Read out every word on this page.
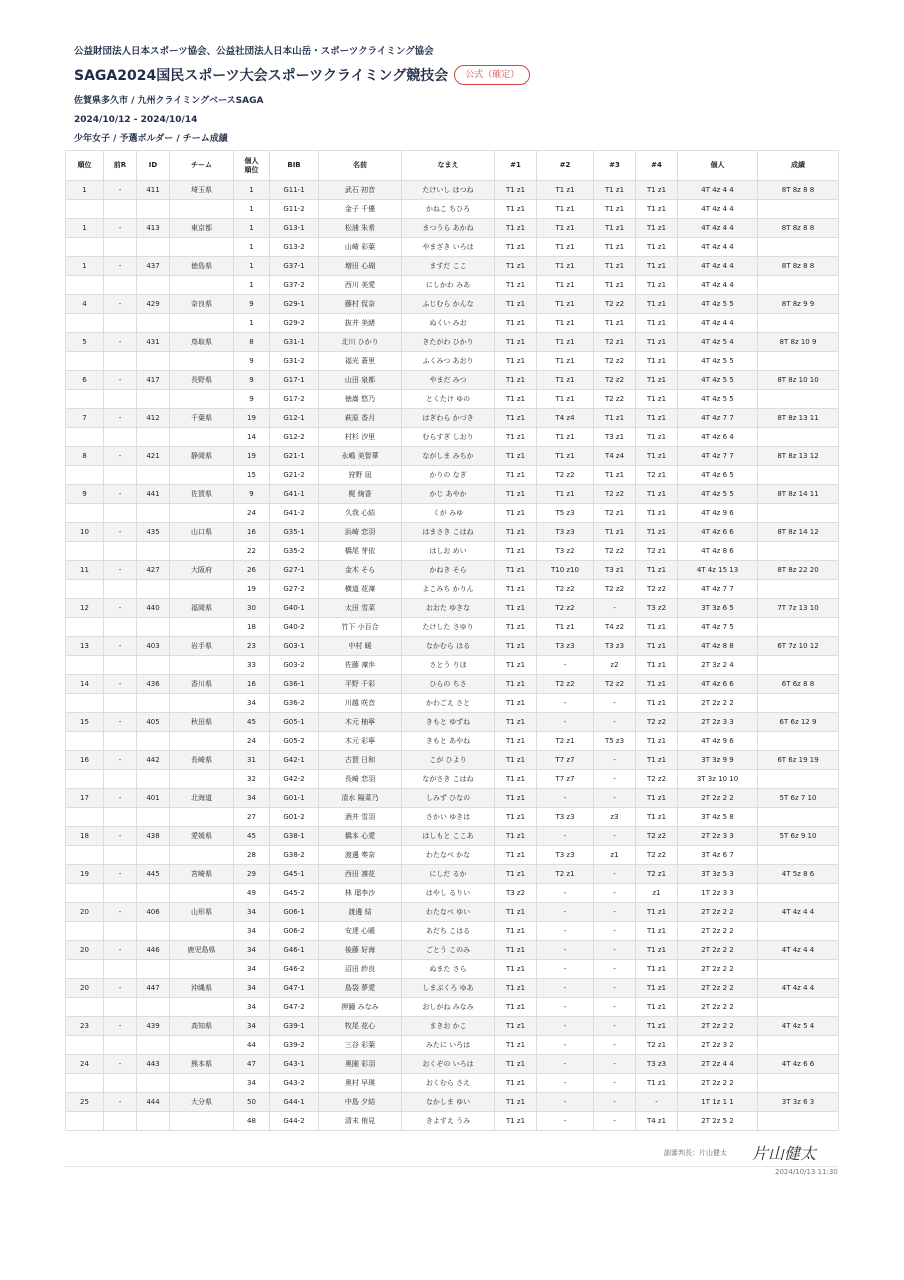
公益財団法人日本スポーツ協会、公益社団法人日本山岳・スポーツクライミング協会
SAGA2024国民スポーツ大会スポーツクライミング競技会	公式（確定）
佐賀県多久市 / 九州クライミングベースSAGA
2024/10/12 - 2024/10/14
少年女子 / 予選ボルダー / チーム成績
順位	前R	ID	チーム	個人
順位	BIB	名前	なまえ	#1	#2	#3	#4	個人	成績
1	-	411	埼玉県	1	G11-1	武石 初音	たけいし はつね	T1 z1	T1 z1	T1 z1	T1 z1	4T 4z 4 4	8T 8z 8 8
				1	G11-2	金子 千優	かねこ ちひろ	T1 z1	T1 z1	T1 z1	T1 z1	4T 4z 4 4	
1	-	413	東京都	1	G13-1	松浦 朱希	まつうら あかね	T1 z1	T1 z1	T1 z1	T1 z1	4T 4z 4 4	8T 8z 8 8
				1	G13-2	山崎 彩葉	やまざき いろは	T1 z1	T1 z1	T1 z1	T1 z1	4T 4z 4 4	
1	-	437	徳島県	1	G37-1	増田 心瑚	ますだ ここ	T1 z1	T1 z1	T1 z1	T1 z1	4T 4z 4 4	8T 8z 8 8
				1	G37-2	西川 美愛	にしかわ みあ	T1 z1	T1 z1	T1 z1	T1 z1	4T 4z 4 4	
4	-	429	奈良県	9	G29-1	藤村 侃奈	ふじむら かんな	T1 z1	T1 z1	T2 z2	T1 z1	4T 4z 5 5	8T 8z 9 9
				1	G29-2	抜井 美緒	ぬくい みお	T1 z1	T1 z1	T1 z1	T1 z1	4T 4z 4 4	
5	-	431	鳥取県	8	G31-1	北川 ひかり	きたがわ ひかり	T1 z1	T1 z1	T2 z1	T1 z1	4T 4z 5 4	8T 8z 10 9
				9	G31-2	福光 蒼里	ふくみつ あおり	T1 z1	T1 z1	T2 z2	T1 z1	4T 4z 5 5	
6	-	417	長野県	9	G17-1	山田 泉都	やまだ みつ	T1 z1	T1 z1	T2 z2	T1 z1	4T 4z 5 5	8T 8z 10 10
				9	G17-2	徳嵩 悠乃	とくたけ ゆの	T1 z1	T1 z1	T2 z2	T1 z1	4T 4z 5 5	
7	-	412	千葉県	19	G12-1	萩原 香月	はぎわら かづき	T1 z1	T4 z4	T1 z1	T1 z1	4T 4z 7 7	8T 8z 13 11
				14	G12-2	村杉 汐里	むらすぎ しおり	T1 z1	T1 z1	T3 z1	T1 z1	4T 4z 6 4	
8	-	421	静岡県	19	G21-1	永嶋 美智華	ながしま みちか	T1 z1	T1 z1	T4 z4	T1 z1	4T 4z 7 7	8T 8z 13 12
				15	G21-2	狩野 凪	かりの なぎ	T1 z1	T2 z2	T1 z1	T2 z1	4T 4z 6 5	
9	-	441	佐賀県	9	G41-1	梶 絢香	かじ あやか	T1 z1	T1 z1	T2 z2	T1 z1	4T 4z 5 5	8T 8z 14 11
				24	G41-2	久我 心結	くが みゆ	T1 z1	T5 z3	T2 z1	T1 z1	4T 4z 9 6	
10	-	435	山口県	16	G35-1	浜崎 恋羽	はまさき こはね	T1 z1	T3 z3	T1 z1	T1 z1	4T 4z 6 6	8T 8z 14 12
				22	G35-2	橋尾 芽依	はしお めい	T1 z1	T3 z2	T2 z2	T2 z1	4T 4z 8 6	
11	-	427	大阪府	26	G27-1	金木 そら	かねき そら	T1 z1	T10 z10	T3 z1	T1 z1	4T 4z 15 13	8T 8z 22 20
				19	G27-2	横道 花凜	よこみち かりん	T1 z1	T2 z2	T2 z2	T2 z2	4T 4z 7 7	
12	-	440	福岡県	30	G40-1	太田 雪菜	おおた ゆきな	T1 z1	T2 z2	-	T3 z2	3T 3z 6 5	7T 7z 13 10
				18	G40-2	竹下 小百合	たけした さゆり	T1 z1	T1 z1	T4 z2	T1 z1	4T 4z 7 5	
13	-	403	岩手県	23	G03-1	中村 暖	なかむら はる	T1 z1	T3 z3	T3 z3	T1 z1	4T 4z 8 8	6T 7z 10 12
				33	G03-2	佐藤 凜歩	さとう りほ	T1 z1	-	z2	T1 z1	2T 3z 2 4	
14	-	436	香川県	16	G36-1	平野 千彩	ひらの ちさ	T1 z1	T2 z2	T2 z2	T1 z1	4T 4z 6 6	6T 6z 8 8
				34	G36-2	川越 咲音	かわごえ さと	T1 z1	-	-	T1 z1	2T 2z 2 2	
15	-	405	秋田県	45	G05-1	木元 柚寧	きもと ゆずね	T1 z1	-	-	T2 z2	2T 2z 3 3	6T 6z 12 9
				24	G05-2	木元 彩寧	きもと あやね	T1 z1	T2 z1	T5 z3	T1 z1	4T 4z 9 6	
16	-	442	長崎県	31	G42-1	古賀 日和	こが ひより	T1 z1	T7 z7	-	T1 z1	3T 3z 9 9	6T 6z 19 19
				32	G42-2	長崎 恋羽	ながさき こはね	T1 z1	T7 z7	-	T2 z2	3T 3z 10 10	
17	-	401	北海道	34	G01-1	清水 陽菜乃	しみず ひなの	T1 z1	-	-	T1 z1	2T 2z 2 2	5T 6z 7 10
				27	G01-2	酒井 雪羽	さかい ゆきは	T1 z1	T3 z3	z3	T1 z1	3T 4z 5 8	
18	-	438	愛媛県	45	G38-1	橋本 心愛	はしもと ここあ	T1 z1	-	-	T2 z2	2T 2z 3 3	5T 6z 9 10
				28	G38-2	渡邊 奏奈	わたなべ かな	T1 z1	T3 z3	z1	T2 z2	3T 4z 6 7	
19	-	445	宮崎県	29	G45-1	西田 凛花	にしだ るか	T1 z1	T2 z1	-	T2 z1	3T 3z 5 3	4T 5z 8 6
				49	G45-2	林 瑠李沙	はやし るりい	T3 z2	-	-	z1	1T 2z 3 3	
20	-	406	山形県	34	G06-1	渡邊 結	わたなべ ゆい	T1 z1	-	-	T1 z1	2T 2z 2 2	4T 4z 4 4
				34	G06-2	安達 心暖	あだち こはる	T1 z1	-	-	T1 z1	2T 2z 2 2	
20	-	446	鹿児島県	34	G46-1	後藤 好海	ごとう このみ	T1 z1	-	-	T1 z1	2T 2z 2 2	4T 4z 4 4
				34	G46-2	沼田 紗良	ぬまた さら	T1 z1	-	-	T1 z1	2T 2z 2 2	
20	-	447	沖縄県	34	G47-1	島袋 夢愛	しまぶくろ ゆあ	T1 z1	-	-	T1 z1	2T 2z 2 2	4T 4z 4 4
				34	G47-2	押鐘 みなみ	おしがね みなみ	T1 z1	-	-	T1 z1	2T 2z 2 2	
23	-	439	高知県	34	G39-1	牧尾 花心	まきお かこ	T1 z1	-	-	T1 z1	2T 2z 2 2	4T 4z 5 4
				44	G39-2	三谷 彩葉	みたに いろは	T1 z1	-	-	T2 z1	2T 2z 3 2	
24	-	443	熊本県	47	G43-1	奥園 彩羽	おくぞの いろは	T1 z1	-	-	T3 z3	2T 2z 4 4	4T 4z 6 6
				34	G43-2	奥村 早瑛	おくむら さえ	T1 z1	-	-	T1 z1	2T 2z 2 2	
25	-	444	大分県	50	G44-1	中島 夕結	なかしま ゆい	T1 z1	-	-	-	1T 1z 1 1	3T 3z 6 3
				48	G44-2	清末 侑見	きよすえ うみ	T1 z1	-	-	T4 z1	2T 2z 5 2	
副審判長：片山健太 片山健太
2024/10/13 11:30
